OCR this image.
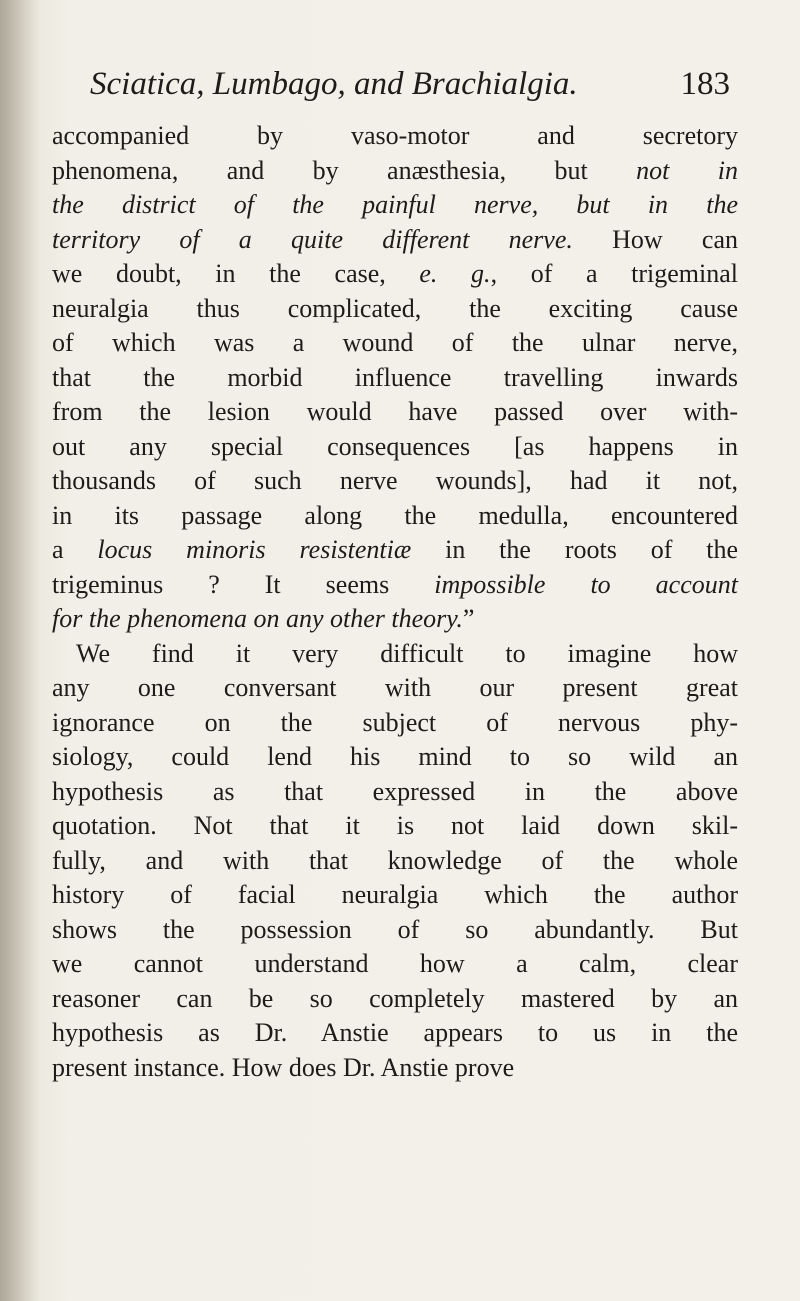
Sciatica, Lumbago, and Brachialgia.	183
accompanied by vaso-motor and secretory
phenomena, and by anæsthesia, but not in
the district of the painful nerve, but in the
territory of a quite different nerve. How can
we doubt, in the case, e. g., of a trigeminal
neuralgia thus complicated, the exciting cause
of which was a wound of the ulnar nerve,
that the morbid influence travelling inwards
from the lesion would have passed over with-
out any special consequences [as happens in
thousands of such nerve wounds], had it not,
in its passage along the medulla, encountered
a locus minoris resistentiæ in the roots of the
trigeminus ? It seems impossible to account
for the phenomena on any other theory.”
We find it very difficult to imagine how
any one conversant with our present great
ignorance on the subject of nervous phy-
siology, could lend his mind to so wild an
hypothesis as that expressed in the above
quotation. Not that it is not laid down skil-
fully, and with that knowledge of the whole
history of facial neuralgia which the author
shows the possession of so abundantly. But
we cannot understand how a calm, clear
reasoner can be so completely mastered by an
hypothesis as Dr. Anstie appears to us in the
present instance. How does Dr. Anstie prove
